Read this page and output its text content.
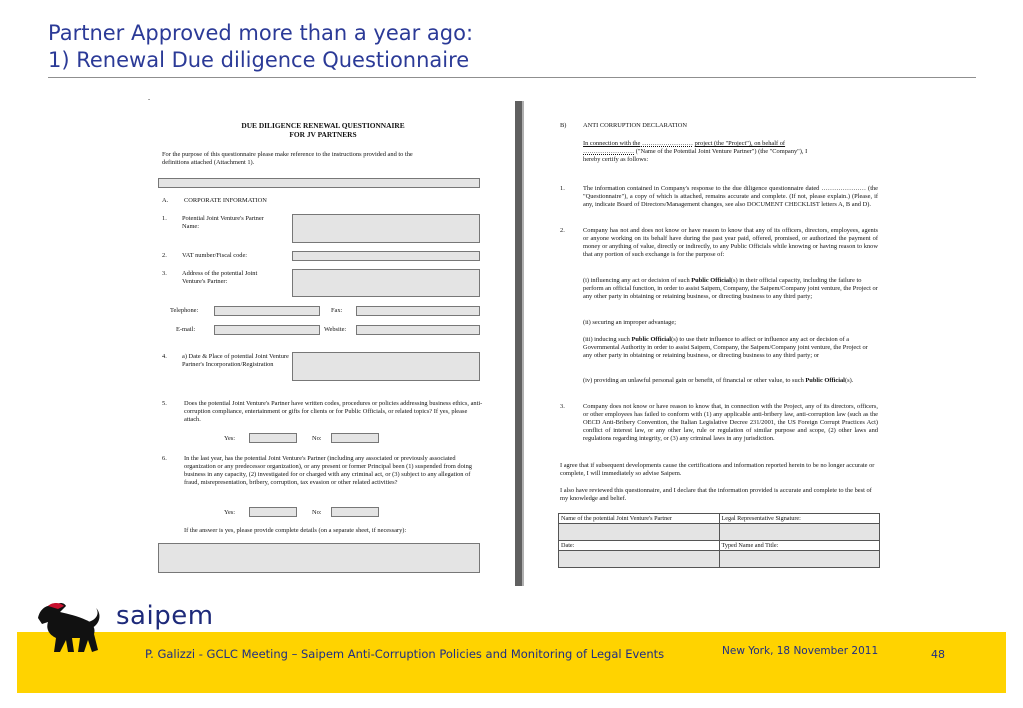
Partner Approved more than a year ago:
1) Renewal Due diligence Questionnaire
-
DUE DILIGENCE RENEWAL QUESTIONNAIRE
FOR JV PARTNERS
For the purpose of this questionnaire please make reference to the instructions provided and to the
definitions attached (Attachment 1).
A. CORPORATE INFORMATION
1. Potential Joint Venture's Partner Name:
2. VAT number/Fiscal code:
3. Address of the potential Joint Venture's Partner:
Telephone:	Fax:
E-mail:	Website:
4. a) Date & Place of potential Joint Venture Partner's Incorporation/Registration
5.	Does the potential Joint Venture's Partner have written codes, procedures or policies addressing business ethics, anti-corruption compliance, entertainment or gifts for clients or for Public Officials, or related topics? If yes, please attach.
Yes:	No:
6.	In the last year, has the potential Joint Venture's Partner (including any associated or previously associated organization or any predecessor organization), or any present or former Principal been (1) suspended from doing business in any capacity, (2) investigated for or charged with any criminal act, or (3) subject to any allegation of fraud, misrepresentation, bribery, corruption, tax evasion or other related activities?
Yes:	No:
If the answer is yes, please provide complete details (on a separate sheet, if necessary):
B)	ANTI CORRUPTION DECLARATION
In connection with the …………………… project (the "Project"), on behalf of
…………………… ("Name of the Potential Joint Venture Partner") (the "Company"), I
hereby certify as follows:
1.	The information contained in Company's response to the due diligence questionnaire dated ………………… (the "Questionnaire"), a copy of which is attached, remains accurate and complete. (If not, please explain.) (Please, if any, indicate Board of Directors/Management changes, see also DOCUMENT CHECKLIST letters A, B and D).
2.	Company has not and does not know or have reason to know that any of its officers, directors, employees, agents or anyone working on its behalf have during the past year paid, offered, promised, or authorized the payment of money or anything of value, directly or indirectly, to any Public Officials while knowing or having reason to know that any portion of such exchange is for the purpose of:
(i) influencing any act or decision of such Public Official(s) in their official capacity, including the failure to perform an official function, in order to assist Saipem, Company, the Saipem/Company joint venture, the Project or any other party in obtaining or retaining business, or directing business to any third party;
(ii) securing an improper advantage;
(iii) inducing such Public Official(s) to use their influence to affect or influence any act or decision of a Governmental Authority in order to assist Saipem, Company, the Saipem/Company joint venture, the Project or any other party in obtaining or retaining business, or directing business to any third party; or
(iv) providing an unlawful personal gain or benefit, of financial or other value, to such Public Official(s).
3.	Company does not know or have reason to know that, in connection with the Project, any of its directors, officers, or other employees has failed to conform with (1) any applicable anti-bribery law, anti-corruption law (such as the OECD Anti-Bribery Convention, the Italian Legislative Decree 231/2001, the US Foreign Corrupt Practices Act) conflict of interest law, or any other law, rule or regulation of similar purpose and scope, (2) other laws and regulations regarding integrity, or (3) any criminal laws in any jurisdiction.
I agree that if subsequent developments cause the certifications and information reported herein to be no longer accurate or complete, I will immediately so advise Saipem.
I also have reviewed this questionnaire, and I declare that the information provided is accurate and complete to the best of my knowledge and belief.
Name of the potential Joint Venture's Partner	Legal Representative Signature:

Date:	Typed Name and Title:

saipem
P. Galizzi - GCLC Meeting – Saipem Anti-Corruption Policies and Monitoring of Legal Events	New York, 18 November 2011	48
